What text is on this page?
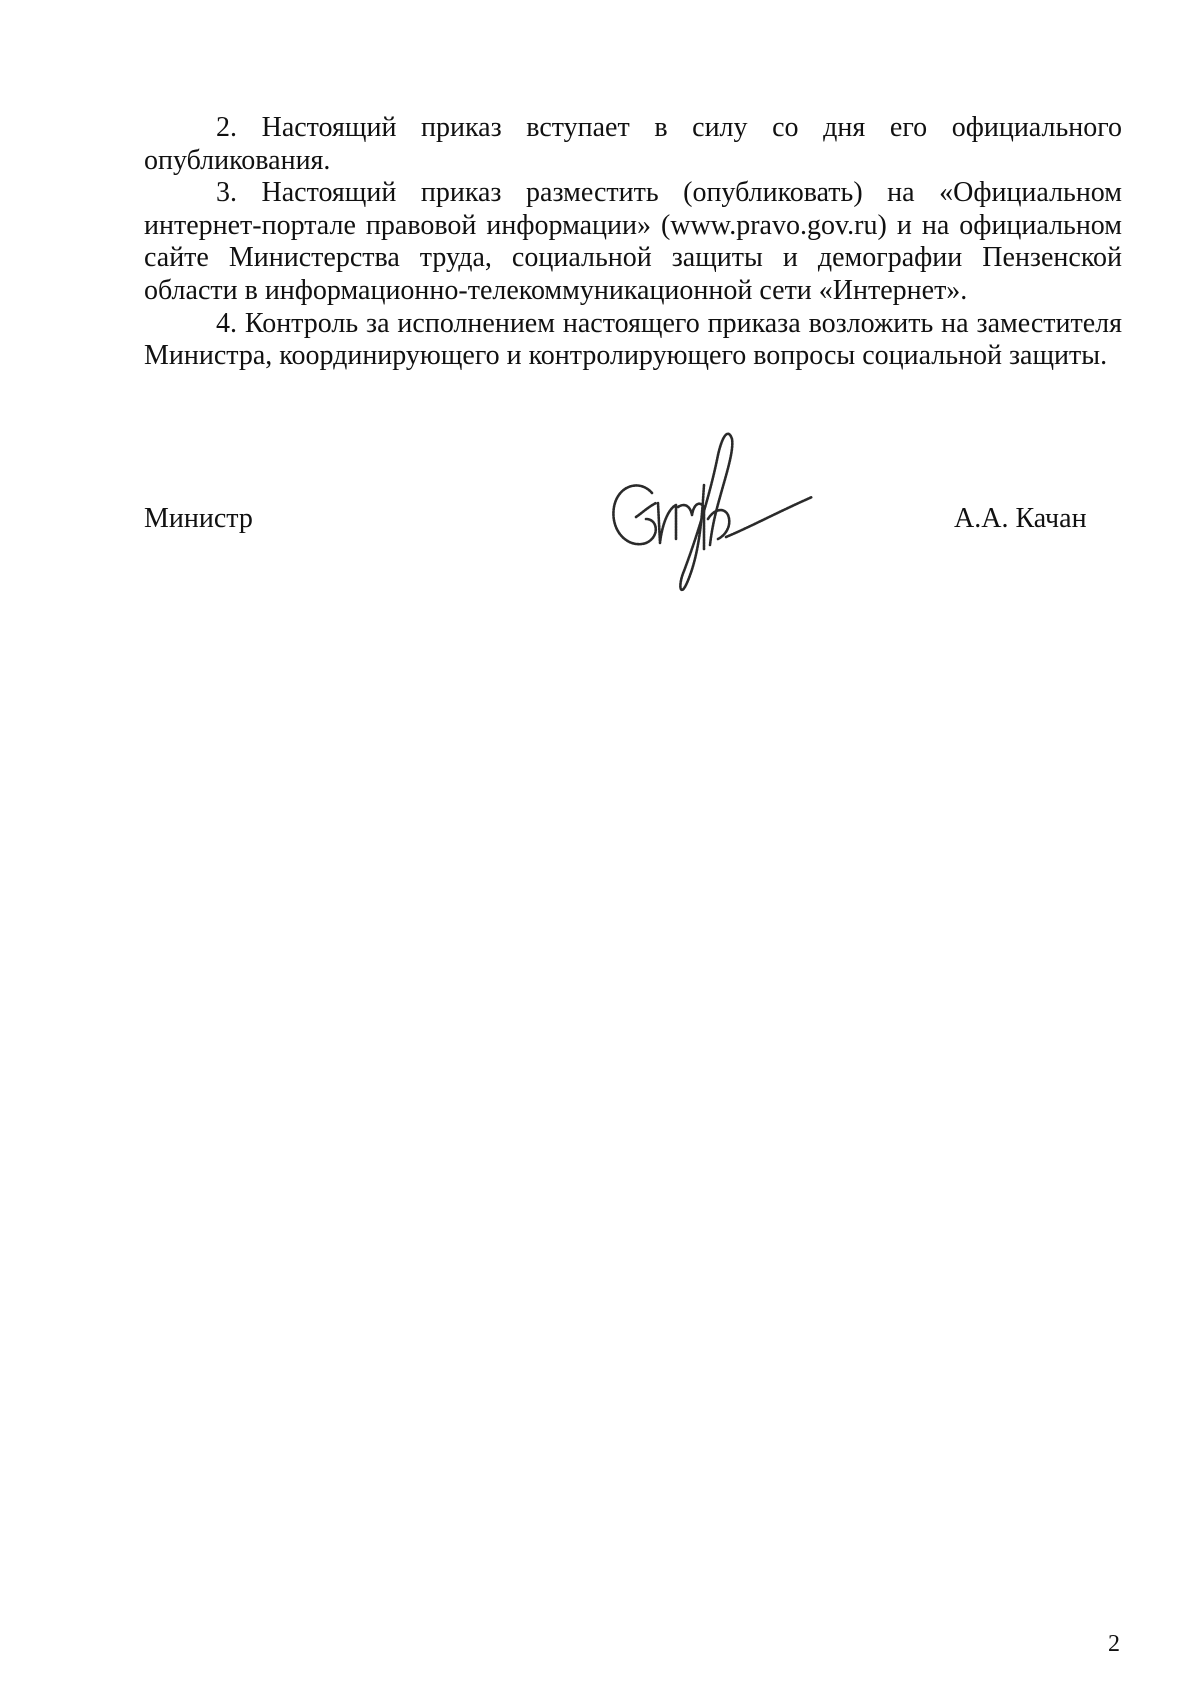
2. Настоящий приказ вступает в силу со дня его официального опубликования.

3. Настоящий приказ разместить (опубликовать) на «Официальном интернет-портале правовой информации» (www.pravo.gov.ru) и на официальном сайте Министерства труда, социальной защиты и демографии Пензенской области в информационно-телекоммуникационной сети «Интернет».

4. Контроль за исполнением настоящего приказа возложить на заместителя Министра, координирующего и контролирующего вопросы социальной защиты.

Министр	А.А. Качан
2
